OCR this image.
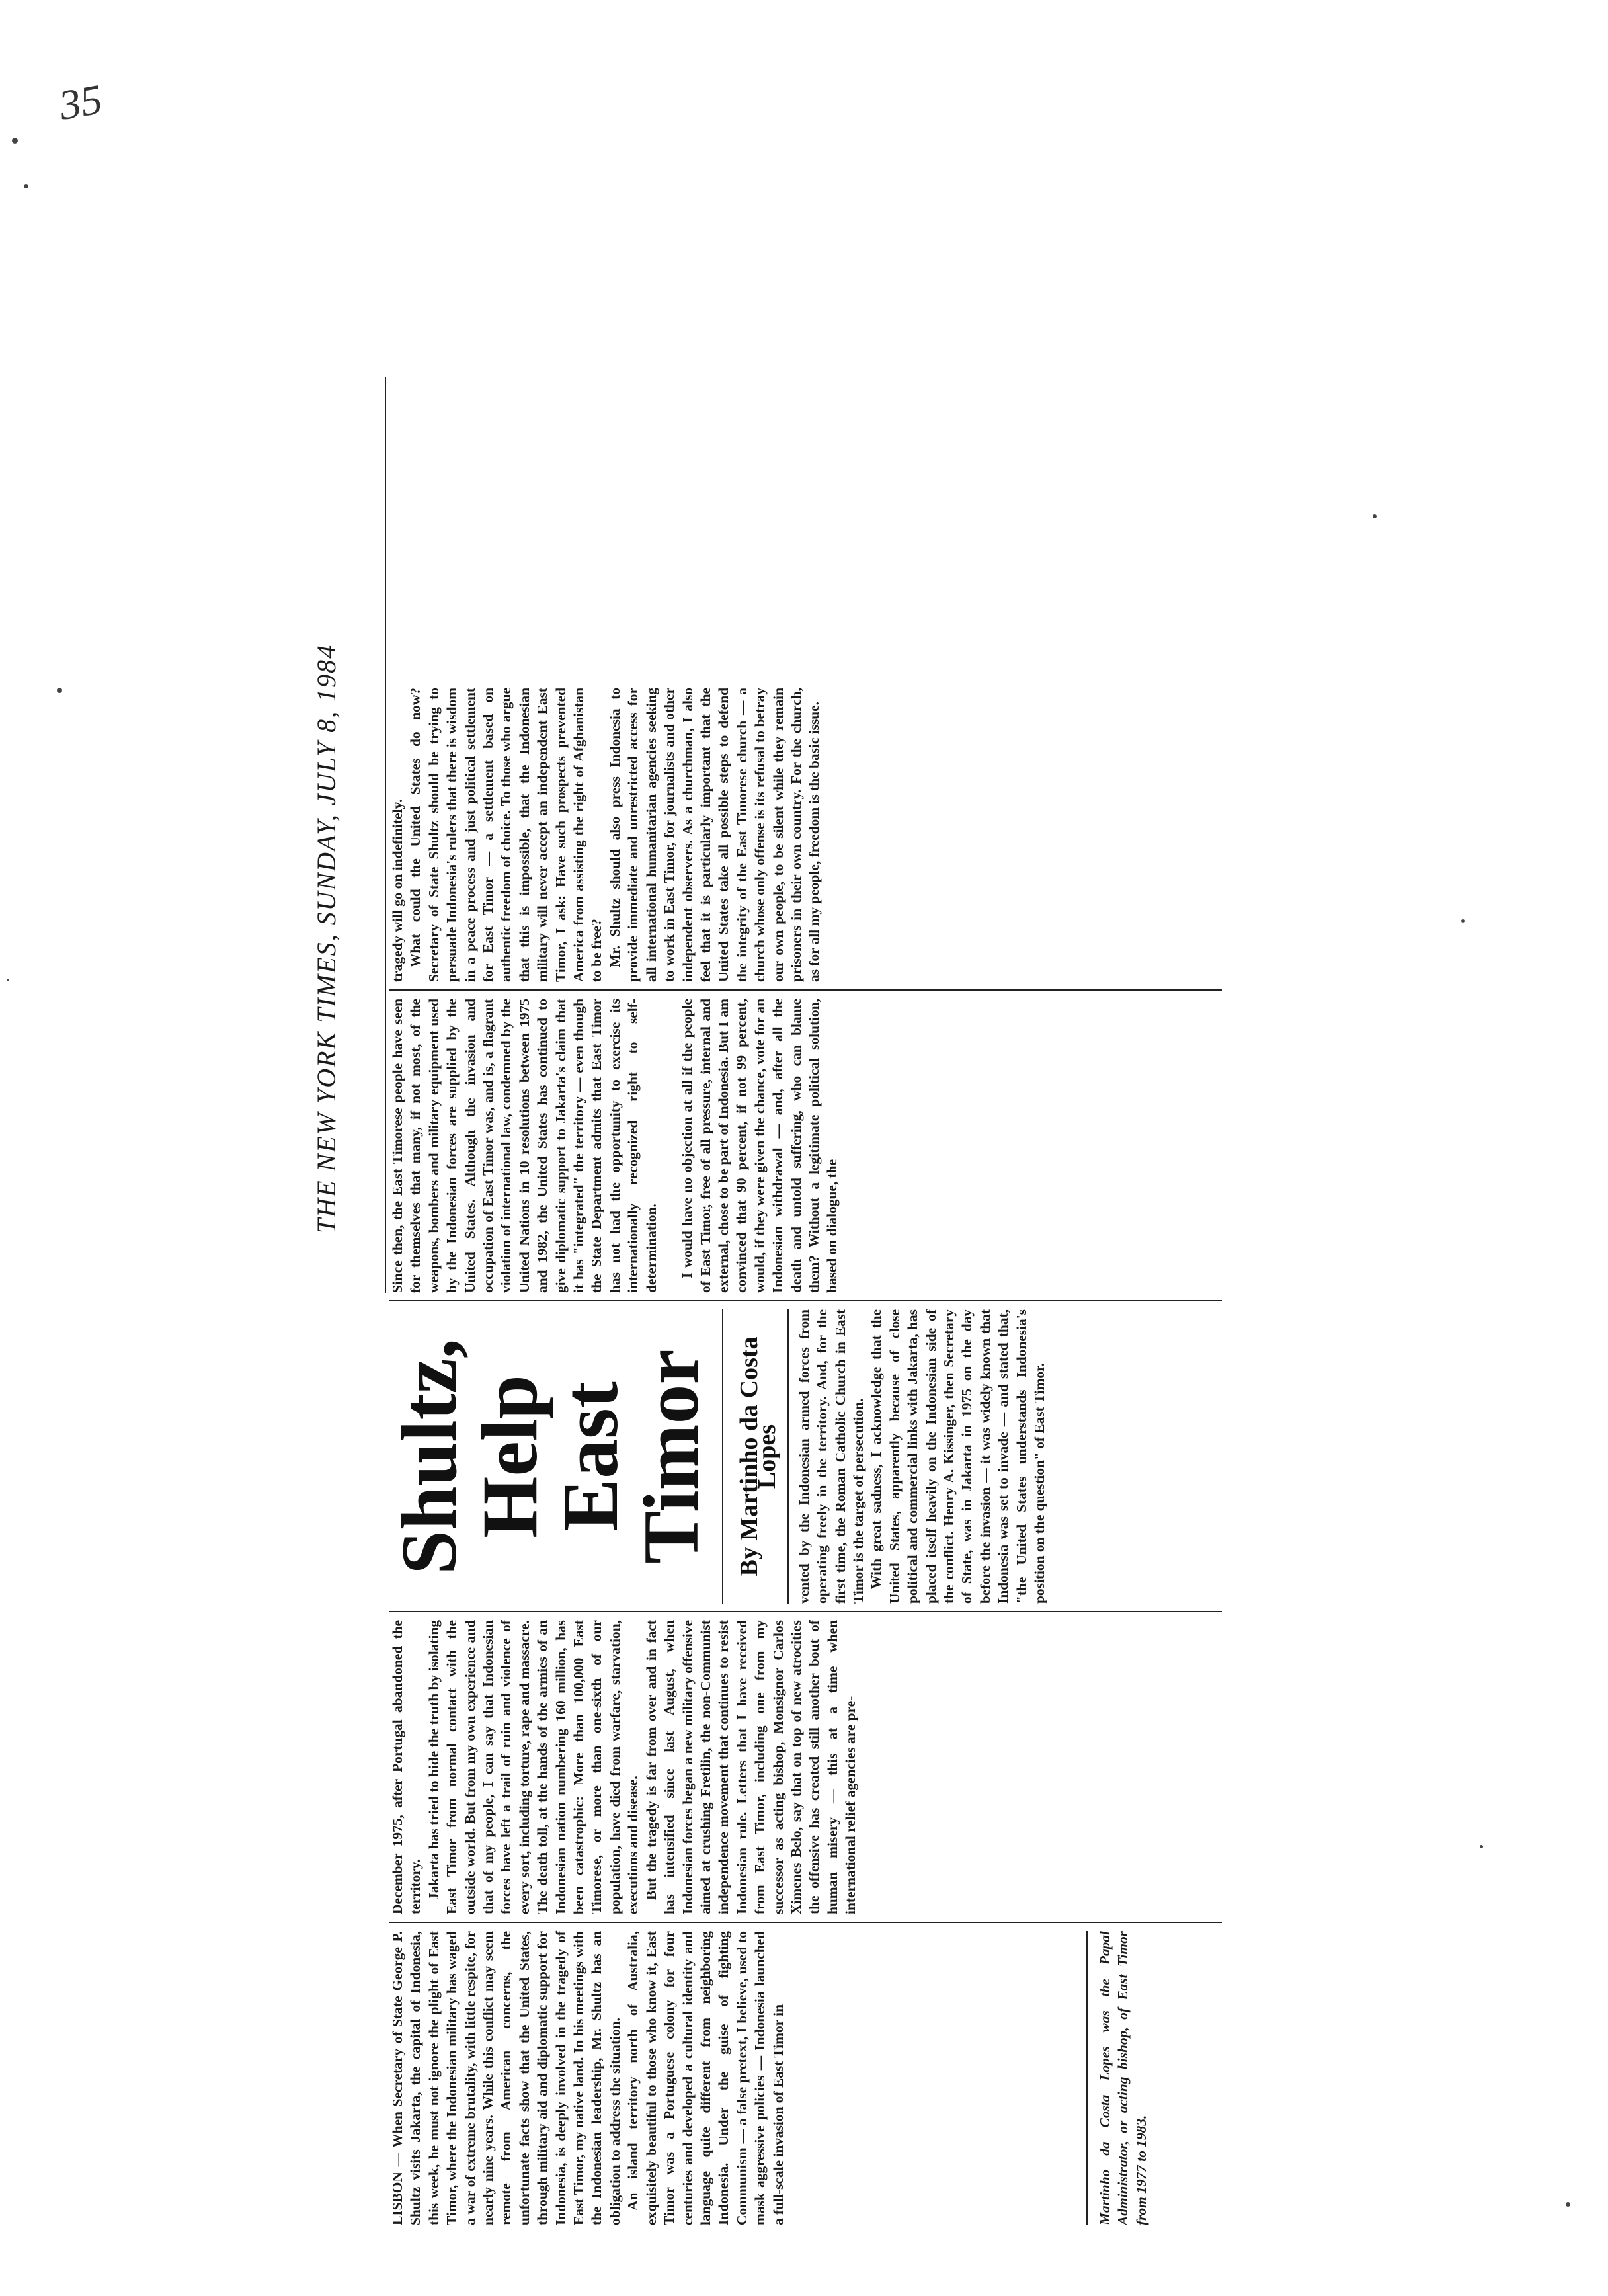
35
THE NEW YORK TIMES, SUNDAY, JULY 8, 1984

LISBON — When Secretary of State George P. Shultz visits Jakarta, the capital of Indonesia, this week, he must not ignore the plight of East Timor, where the Indonesian military has waged a war of extreme brutality, with little respite, for nearly nine years. While this conflict may seem remote from American concerns, the unfortunate facts show that the United States, through military aid and diplomatic support for Indonesia, is deeply involved in the tragedy of East Timor, my native land. In his meetings with the Indonesian leadership, Mr. Shultz has an obligation to address the situation. An island territory north of Australia, exquisitely beautiful to those who know it, East Timor was a Portuguese colony for four centuries and developed a cultural identity and language quite different from neighboring Indonesia. Under the guise of fighting Communism — a false pretext, I believe, used to mask aggressive policies — Indonesia launched a full-scale invasion of East Timor in	Martinho da Costa Lopes was the Papal Administrator, or acting bishop, of East Timor from 1977 to 1983.

December 1975, after Portugal abandoned the territory. Jakarta has tried to hide the truth by isolating East Timor from normal contact with the outside world. But from my own experience and that of my people, I can say that Indonesian forces have left a trail of ruin and violence of every sort, including torture, rape and massacre. The death toll, at the hands of the armies of an Indonesian nation numbering 160 million, has been catastrophic: More than 100,000 East Timorese, or more than one-sixth of our population, have died from warfare, starvation, executions and disease. But the tragedy is far from over and in fact has intensified since last August, when Indonesian forces began a new military offensive aimed at crushing Fretilin, the non-Communist independence movement that continues to resist Indonesian rule. Letters that I have received from East Timor, including one from my successor as acting bishop, Monsignor Carlos Ximenes Belo, say that on top of new atrocities the offensive has created still another bout of human misery — this at a time when international relief agencies are pre-

Shultz,
Help
East Timor By Martinho da Costa Lopes vented by the Indonesian armed forces from operating freely in the territory. And, for the first time, the Roman Catholic Church in East Timor is the target of persecution. With great sadness, I acknowledge that the United States, apparently because of close political and commercial links with Jakarta, has placed itself heavily on the Indonesian side of the conflict. Henry A. Kissinger, then Secretary of State, was in Jakarta in 1975 on the day before the invasion — it was widely known that Indonesia was set to invade — and stated that, "the United States understands Indonesia's position on the question" of East Timor.

Since then, the East Timorese people have seen for themselves that many, if not most, of the weapons, bombers and military equipment used by the Indonesian forces are supplied by the United States. Although the invasion and occupation of East Timor was, and is, a flagrant violation of international law, condemned by the United Nations in 10 resolutions between 1975 and 1982, the United States has continued to give diplomatic support to Jakarta's claim that it has "integrated" the territory — even though the State Department admits that East Timor has not had the opportunity to exercise its internationally recognized right to self-determination. I would have no objection at all if the people of East Timor, free of all pressure, internal and external, chose to be part of Indonesia. But I am convinced that 90 percent, if not 99 percent, would, if they were given the chance, vote for an Indonesian withdrawal — and, after all the death and untold suffering, who can blame them? Without a legitimate political solution, based on dialogue, the

tragedy will go on indefinitely. What could the United States do now? Secretary of State Shultz should be trying to persuade Indonesia's rulers that there is wisdom in a peace process and just political settlement for East Timor — a settlement based on authentic freedom of choice. To those who argue that this is impossible, that the Indonesian military will never accept an independent East Timor, I ask: Have such prospects prevented America from assisting the right of Afghanistan to be free? Mr. Shultz should also press Indonesia to provide immediate and unrestricted access for all international humanitarian agencies seeking to work in East Timor, for journalists and other independent observers. As a churchman, I also feel that it is particularly important that the United States take all possible steps to defend the integrity of the East Timorese church — a church whose only offense is its refusal to betray our own people, to be silent while they remain prisoners in their own country. For the church, as for all my people, freedom is the basic issue.
